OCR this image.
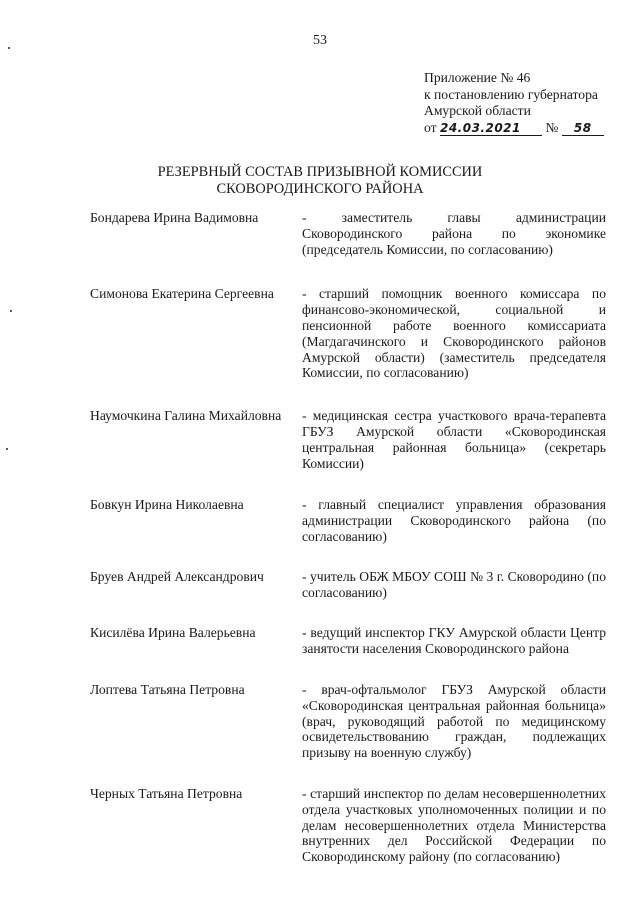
53
Приложение № 46
к постановлению губернатора
Амурской области
от 24.03.2021 № 58
РЕЗЕРВНЫЙ СОСТАВ ПРИЗЫВНОЙ КОМИССИИ
СКОВОРОДИНСКОГО РАЙОНА
Бондарева Ирина Вадимовна	- заместитель главы администрации Сковородинского района по экономике (председатель Комиссии, по согласованию)
Симонова Екатерина Сергеевна	- старший помощник военного комиссара по финансово-экономической, социальной и пенсионной работе военного комиссариата (Магдагачинского и Сковородинского районов Амурской области) (заместитель председателя Комиссии, по согласованию)
Наумочкина Галина Михайловна	- медицинская сестра участкового врача-терапевта ГБУЗ Амурской области «Сковородинская центральная районная больница» (секретарь Комиссии)
Бовкун Ирина Николаевна	- главный специалист управления образования администрации Сковородинского района (по согласованию)
Бруев Андрей Александрович	- учитель ОБЖ МБОУ СОШ № 3 г. Сковородино (по согласованию)
Кисилёва Ирина Валерьевна	- ведущий инспектор ГКУ Амурской области Центр занятости населения Сковородинского района
Лоптева Татьяна Петровна	- врач-офтальмолог ГБУЗ Амурской области «Сковородинская центральная районная больница» (врач, руководящий работой по медицинскому освидетельствованию граждан, подлежащих призыву на военную службу)
Черных Татьяна Петровна	- старший инспектор по делам несовершеннолетних отдела участковых уполномоченных полиции и по делам несовершеннолетних отдела Министерства внутренних дел Российской Федерации по Сковородинскому району (по согласованию)
